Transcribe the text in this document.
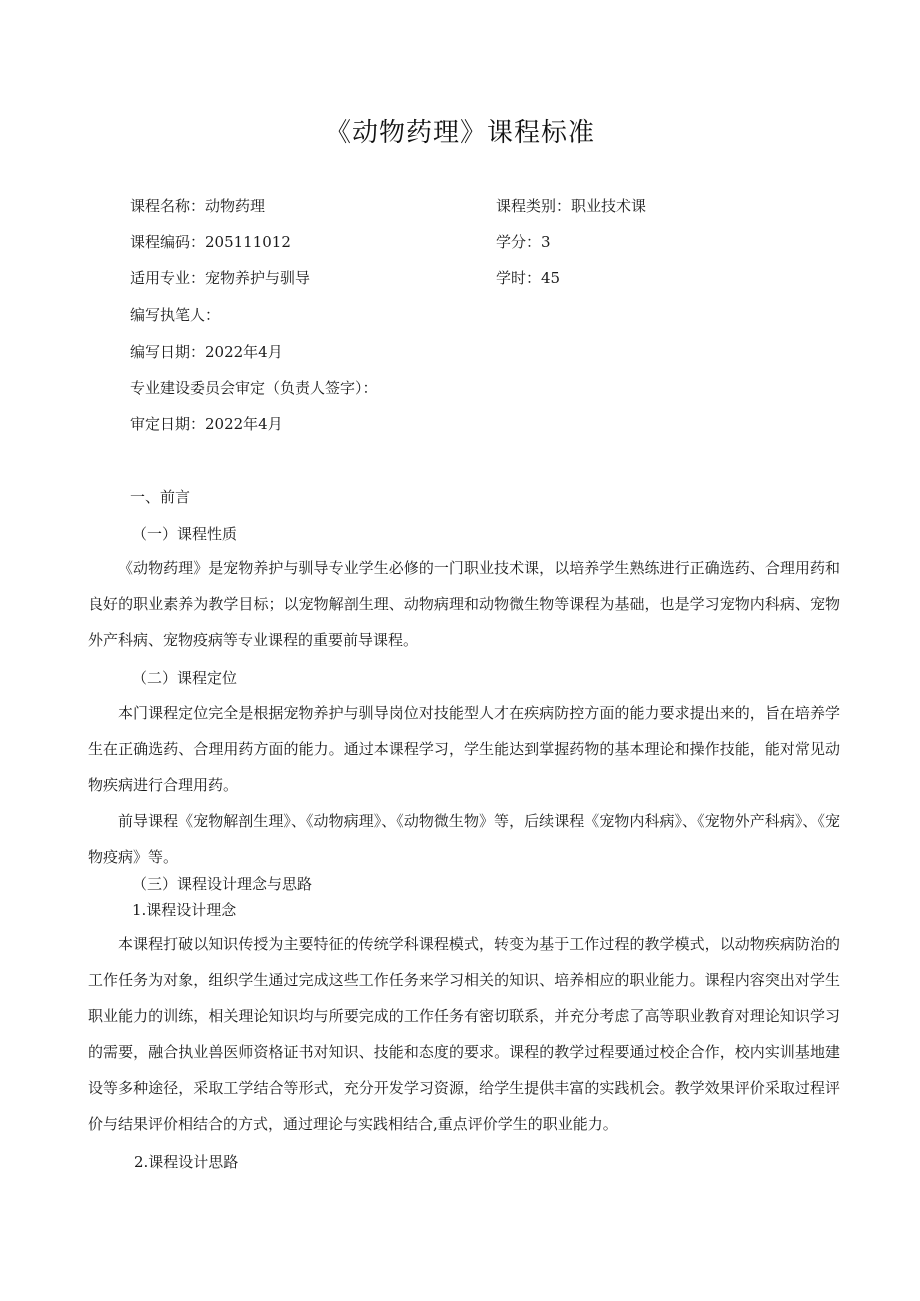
《动物药理》课程标准
课程名称：动物药理	课程类别：职业技术课
课程编码：205111012	学分：3
适用专业：宠物养护与驯导	学时：45
编写执笔人：
编写日期：2022年4月
专业建设委员会审定（负责人签字）：
审定日期：2022年4月
一、前言
（一）课程性质
《动物药理》是宠物养护与驯导专业学生必修的一门职业技术课，以培养学生熟练进行正确选药、合理用药和良好的职业素养为教学目标；以宠物解剖生理、动物病理和动物微生物等课程为基础，也是学习宠物内科病、宠物外产科病、宠物疫病等专业课程的重要前导课程。
（二）课程定位
本门课程定位完全是根据宠物养护与驯导岗位对技能型人才在疾病防控方面的能力要求提出来的，旨在培养学生在正确选药、合理用药方面的能力。通过本课程学习，学生能达到掌握药物的基本理论和操作技能，能对常见动物疾病进行合理用药。
前导课程《宠物解剖生理》、《动物病理》、《动物微生物》等，后续课程《宠物内科病》、《宠物外产科病》、《宠物疫病》等。
（三）课程设计理念与思路
1.课程设计理念
本课程打破以知识传授为主要特征的传统学科课程模式，转变为基于工作过程的教学模式，以动物疾病防治的工作任务为对象，组织学生通过完成这些工作任务来学习相关的知识、培养相应的职业能力。课程内容突出对学生职业能力的训练，相关理论知识均与所要完成的工作任务有密切联系，并充分考虑了高等职业教育对理论知识学习的需要，融合执业兽医师资格证书对知识、技能和态度的要求。课程的教学过程要通过校企合作，校内实训基地建设等多种途径，采取工学结合等形式，充分开发学习资源，给学生提供丰富的实践机会。教学效果评价采取过程评价与结果评价相结合的方式，通过理论与实践相结合,重点评价学生的职业能力。
2.课程设计思路
